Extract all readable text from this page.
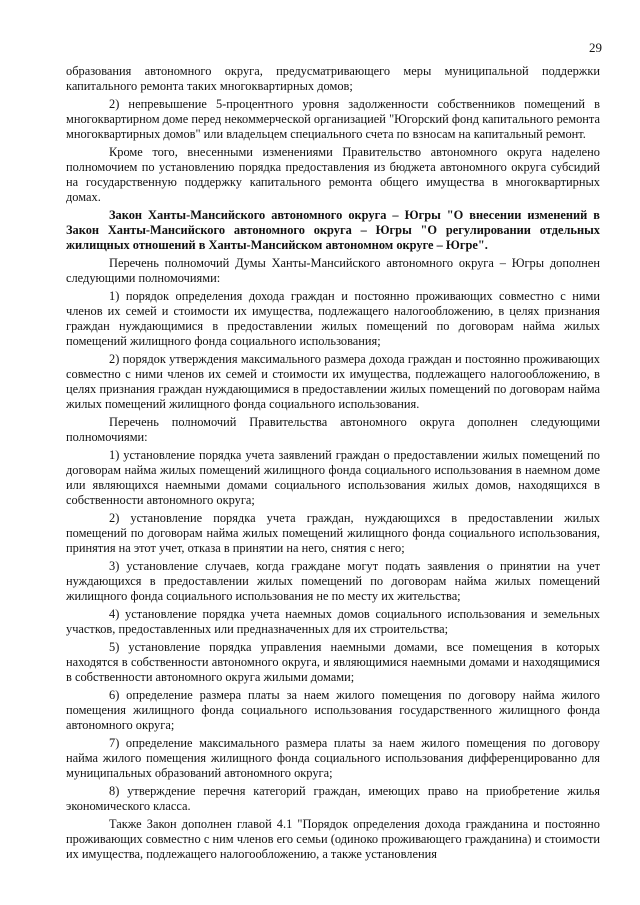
29

образования автономного округа, предусматривающего меры муниципальной поддержки капитального ремонта таких многоквартирных домов;

2) непревышение 5-процентного уровня задолженности собственников помещений в многоквартирном доме перед некоммерческой организацией "Югорский фонд капитального ремонта многоквартирных домов" или владельцем специального счета по взносам на капитальный ремонт.

Кроме того, внесенными изменениями Правительство автономного округа наделено полномочием по установлению порядка предоставления из бюджета автономного округа субсидий на государственную поддержку капитального ремонта общего имущества в многоквартирных домах.

Закон Ханты-Мансийского автономного округа – Югры "О внесении изменений в Закон Ханты-Мансийского автономного округа – Югры "О регулировании отдельных жилищных отношений в Ханты-Мансийском автономном округе – Югре".

Перечень полномочий Думы Ханты-Мансийского автономного округа – Югры дополнен следующими полномочиями:

1) порядок определения дохода граждан и постоянно проживающих совместно с ними членов их семей и стоимости их имущества, подлежащего налогообложению, в целях признания граждан нуждающимися в предоставлении жилых помещений по договорам найма жилых помещений жилищного фонда социального использования;

2) порядок утверждения максимального размера дохода граждан и постоянно проживающих совместно с ними членов их семей и стоимости их имущества, подлежащего налогообложению, в целях признания граждан нуждающимися в предоставлении жилых помещений по договорам найма жилых помещений жилищного фонда социального использования.

Перечень полномочий Правительства автономного округа дополнен следующими полномочиями:

1) установление порядка учета заявлений граждан о предоставлении жилых помещений по договорам найма жилых помещений жилищного фонда социального использования в наемном доме или являющихся наемными домами социального использования жилых домов, находящихся в собственности автономного округа;

2) установление порядка учета граждан, нуждающихся в предоставлении жилых помещений по договорам найма жилых помещений жилищного фонда социального использования, принятия на этот учет, отказа в принятии на него, снятия с него;

3) установление случаев, когда граждане могут подать заявления о принятии на учет нуждающихся в предоставлении жилых помещений по договорам найма жилых помещений жилищного фонда социального использования не по месту их жительства;

4) установление порядка учета наемных домов социального использования и земельных участков, предоставленных или предназначенных для их строительства;

5) установление порядка управления наемными домами, все помещения в которых находятся в собственности автономного округа, и являющимися наемными домами и находящимися в собственности автономного округа жилыми домами;

6) определение размера платы за наем жилого помещения по договору найма жилого помещения жилищного фонда социального использования государственного жилищного фонда автономного округа;

7) определение максимального размера платы за наем жилого помещения по договору найма жилого помещения жилищного фонда социального использования дифференцированно для муниципальных образований автономного округа;

8) утверждение перечня категорий граждан, имеющих право на приобретение жилья экономического класса.

Также Закон дополнен главой 4.1 "Порядок определения дохода гражданина и постоянно проживающих совместно с ним членов его семьи (одиноко проживающего гражданина) и стоимости их имущества, подлежащего налогообложению, а также установления
